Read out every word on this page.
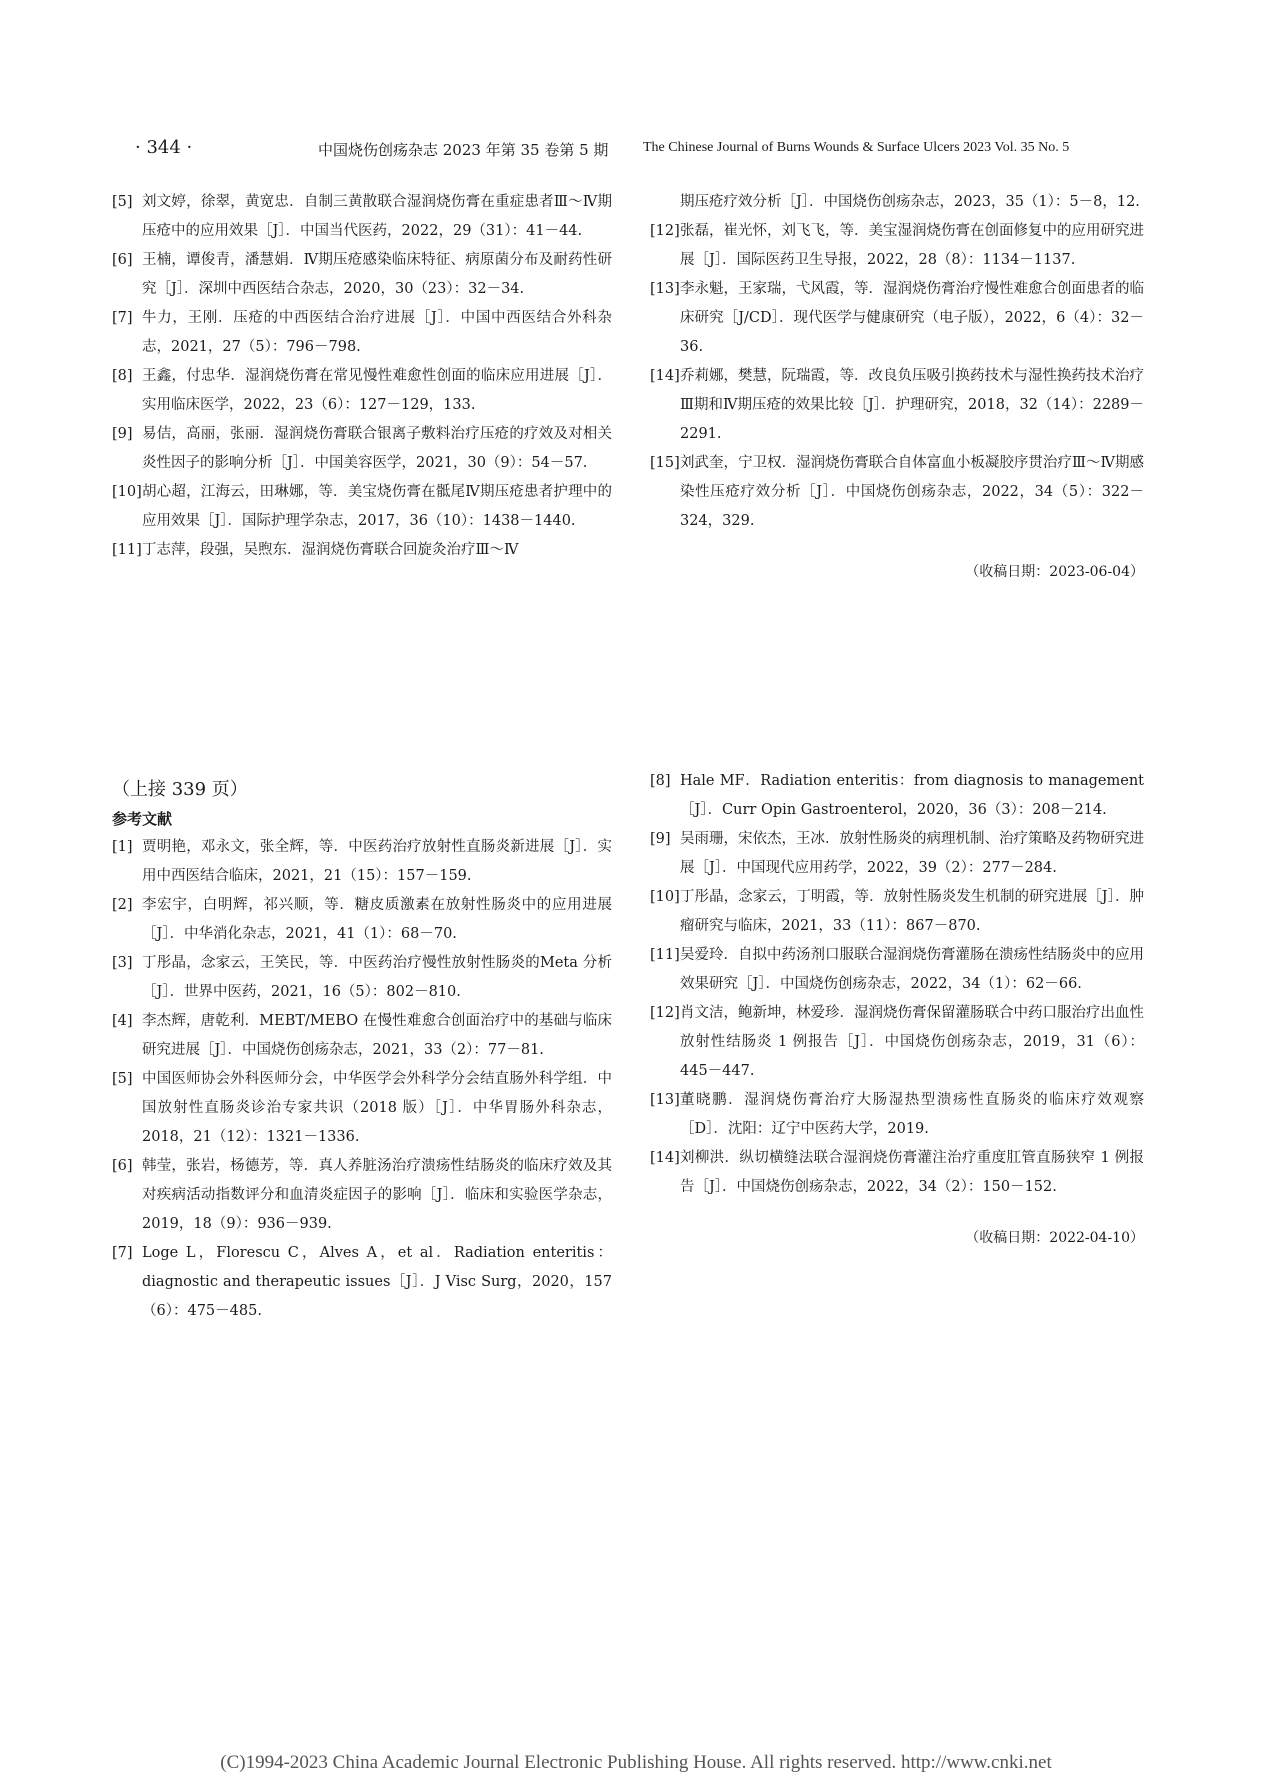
· 344 ·	中国烧伤创疡杂志 2023 年第 35 卷第 5 期 The Chinese Journal of Burns Wounds & Surface Ulcers 2023 Vol. 35 No. 5

[5] 刘文婷，徐翠，黄宽忠．自制三黄散联合湿润烧伤膏在重症患者Ⅲ～Ⅳ期压疮中的应用效果［J］．中国当代医药，2022，29（31）：41－44.

[6] 王楠，谭俊青，潘慧娟．Ⅳ期压疮感染临床特征、病原菌分布及耐药性研究［J］．深圳中西医结合杂志，2020，30（23）：32－34.

[7] 牛力，王刚．压疮的中西医结合治疗进展［J］．中国中西医结合外科杂志，2021，27（5）：796－798.

[8] 王鑫，付忠华．湿润烧伤膏在常见慢性难愈性创面的临床应用进展［J］．实用临床医学，2022，23（6）：127－129，133.

[9] 易佶，高丽，张丽．湿润烧伤膏联合银离子敷料治疗压疮的疗效及对相关炎性因子的影响分析［J］．中国美容医学，2021，30（9）：54－57.

[10] 胡心超，江海云，田琳娜，等．美宝烧伤膏在骶尾Ⅳ期压疮患者护理中的应用效果［J］．国际护理学杂志，2017，36（10）：1438－1440.

[11] 丁志萍，段强，吴煦东．湿润烧伤膏联合回旋灸治疗Ⅲ～Ⅳ

期压疮疗效分析［J］．中国烧伤创疡杂志，2023，35（1）：5－8，12.

[12] 张磊，崔光怀，刘飞飞，等．美宝湿润烧伤膏在创面修复中的应用研究进展［J］．国际医药卫生导报，2022，28（8）：1134－1137.

[13] 李永魁，王家瑞，弋风霞，等．湿润烧伤膏治疗慢性难愈合创面患者的临床研究［J/CD］．现代医学与健康研究（电子版），2022，6（4）：32－36.

[14] 乔莉娜，樊慧，阮瑞霞，等．改良负压吸引换药技术与湿性换药技术治疗Ⅲ期和Ⅳ期压疮的效果比较［J］．护理研究，2018，32（14）：2289－2291.

[15] 刘武奎，宁卫权．湿润烧伤膏联合自体富血小板凝胶序贯治疗Ⅲ～Ⅳ期感染性压疮疗效分析［J］．中国烧伤创疡杂志，2022，34（5）：322－324，329.

（收稿日期：2023-06-04）
（上接 339 页）
参考文献

[1] 贾明艳，邓永文，张全辉，等．中医药治疗放射性直肠炎新进展［J］．实用中西医结合临床，2021，21（15）：157－159.

[2] 李宏宇，白明辉，祁兴顺，等．糖皮质激素在放射性肠炎中的应用进展［J］．中华消化杂志，2021，41（1）：68－70.

[3] 丁彤晶，念家云，王笑民，等．中医药治疗慢性放射性肠炎的Meta 分析［J］．世界中医药，2021，16（5）：802－810.

[4] 李杰辉，唐乾利．MEBT/MEBO 在慢性难愈合创面治疗中的基础与临床研究进展［J］．中国烧伤创疡杂志，2021，33（2）：77－81.

[5] 中国医师协会外科医师分会，中华医学会外科学分会结直肠外科学组．中国放射性直肠炎诊治专家共识（2018 版）［J］．中华胃肠外科杂志，2018，21（12）：1321－1336.

[6] 韩莹，张岩，杨德芳，等．真人养脏汤治疗溃疡性结肠炎的临床疗效及其对疾病活动指数评分和血清炎症因子的影响［J］．临床和实验医学杂志，2019，18（9）：936－939.

[7] Loge L，Florescu C，Alves A，et al．Radiation enteritis：diagnostic and therapeutic issues［J］．J Visc Surg，2020，157（6）：475－485.

[8] Hale MF．Radiation enteritis：from diagnosis to management［J］．Curr Opin Gastroenterol，2020，36（3）：208－214.

[9] 吴雨珊，宋依杰，王冰．放射性肠炎的病理机制、治疗策略及药物研究进展［J］．中国现代应用药学，2022，39（2）：277－284.

[10] 丁彤晶，念家云，丁明霞，等．放射性肠炎发生机制的研究进展［J］．肿瘤研究与临床，2021，33（11）：867－870.

[11] 吴爱玲．自拟中药汤剂口服联合湿润烧伤膏灌肠在溃疡性结肠炎中的应用效果研究［J］．中国烧伤创疡杂志，2022，34（1）：62－66.

[12] 肖文洁，鲍新坤，林爱珍．湿润烧伤膏保留灌肠联合中药口服治疗出血性放射性结肠炎 1 例报告［J］．中国烧伤创疡杂志，2019，31（6）：445－447.

[13] 董晓鹏．湿润烧伤膏治疗大肠湿热型溃疡性直肠炎的临床疗效观察［D］．沈阳：辽宁中医药大学，2019.

[14] 刘柳洪．纵切横缝法联合湿润烧伤膏灌注治疗重度肛管直肠狭窄 1 例报告［J］．中国烧伤创疡杂志，2022，34（2）：150－152.

（收稿日期：2022-04-10）
(C)1994-2023 China Academic Journal Electronic Publishing House. All rights reserved. http://www.cnki.net
